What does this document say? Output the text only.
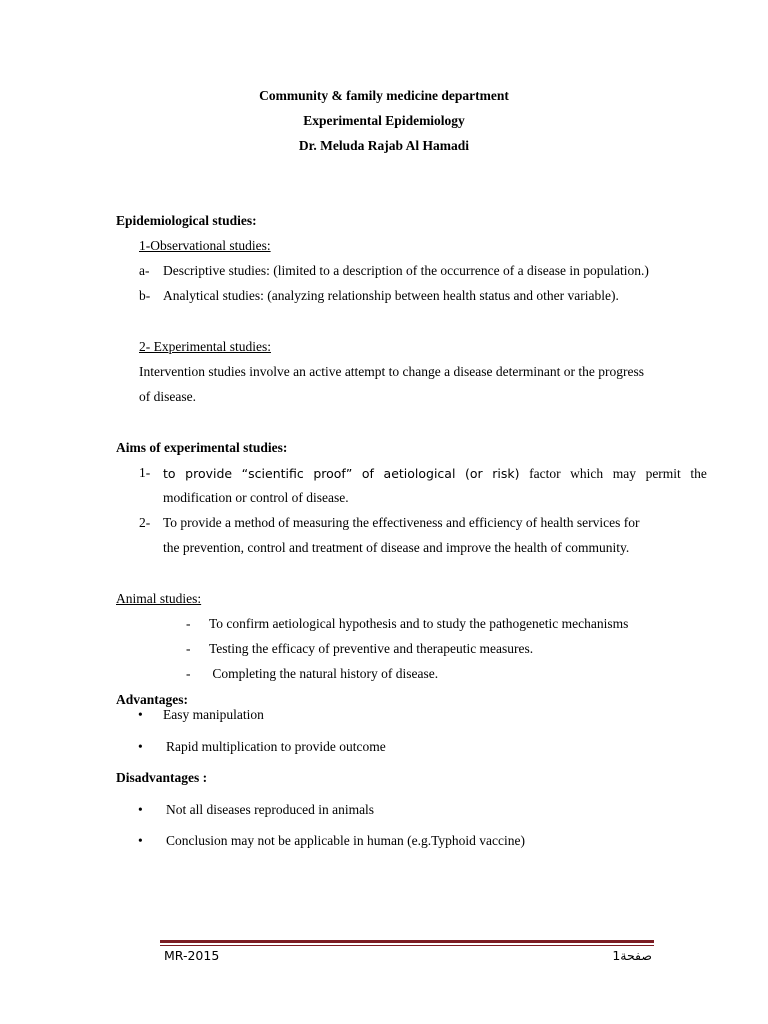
Community & family medicine department
Experimental Epidemiology
Dr. Meluda Rajab Al Hamadi
Epidemiological studies:
1-Observational studies:
a- Descriptive studies: (limited to a description of the occurrence of a disease in population.)
b- Analytical studies: (analyzing relationship between health status and other variable).
2- Experimental studies:
Intervention studies involve an active attempt to change a disease determinant or the progress
of disease.
Aims of experimental studies:
1- to provide “scientific proof” of aetiological (or risk) factor which may permit the
modification or control of disease.
2- To provide a method of measuring the effectiveness and efficiency of health services for
the prevention, control and treatment of disease and improve the health of community.
Animal studies:
- To confirm aetiological hypothesis and to study the pathogenetic mechanisms
- Testing the efficacy of preventive and therapeutic measures.
- Completing the natural history of disease.
Advantages:
• Easy manipulation
• Rapid multiplication to provide outcome
Disadvantages :
• Not all diseases reproduced in animals
• Conclusion may not be applicable in human (e.g.Typhoid vaccine)
MR-2015	صفحة1
